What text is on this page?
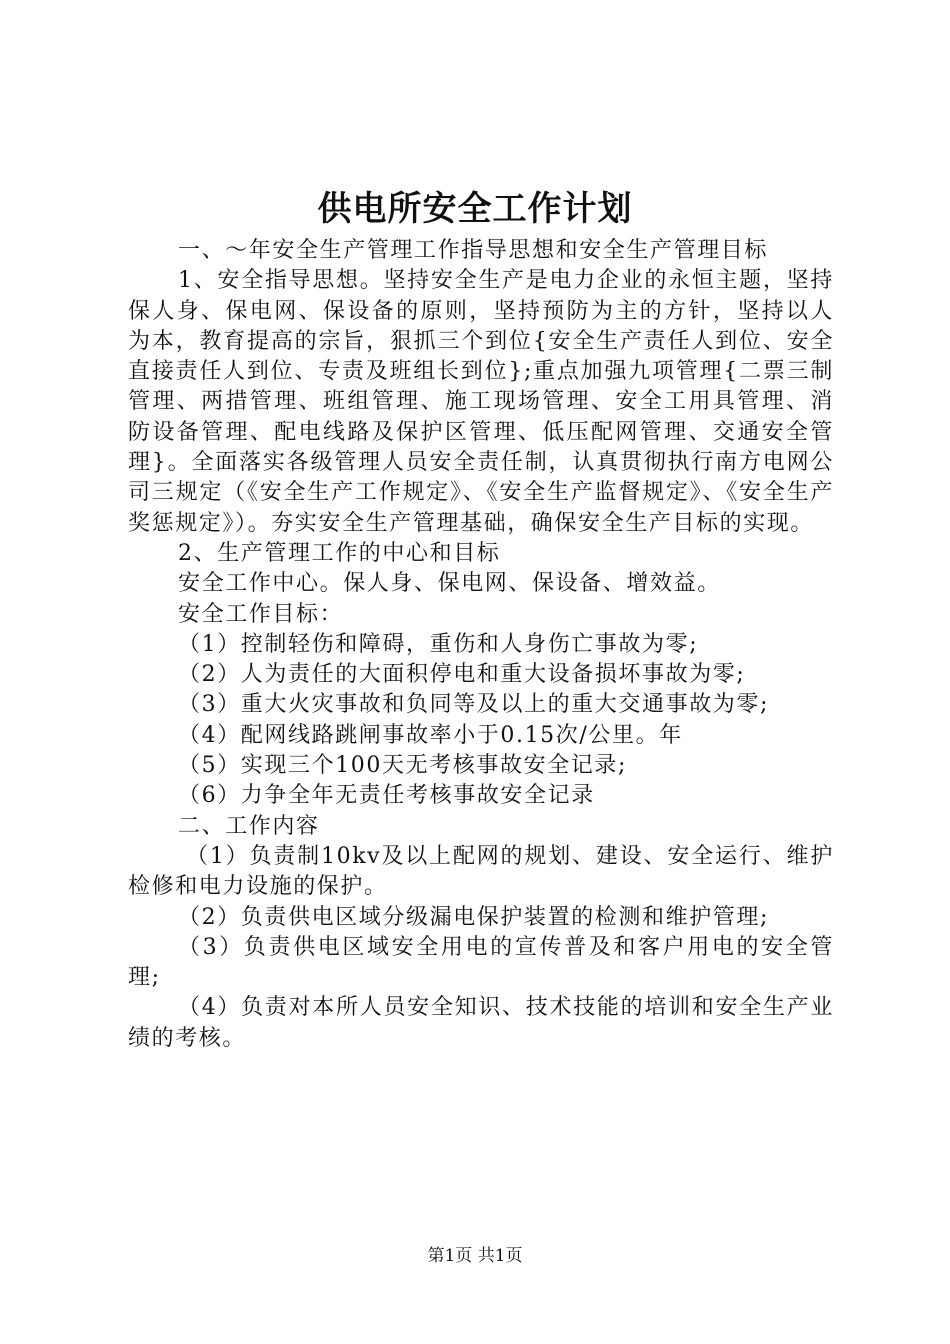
供电所安全工作计划

一、～年安全生产管理工作指导思想和安全生产管理目标

1、安全指导思想。坚持安全生产是电力企业的永恒主题，坚持保人身、保电网、保设备的原则，坚持预防为主的方针，坚持以人为本，教育提高的宗旨，狠抓三个到位{安全生产责任人到位、安全直接责任人到位、专责及班组长到位};重点加强九项管理{二票三制管理、两措管理、班组管理、施工现场管理、安全工用具管理、消防设备管理、配电线路及保护区管理、低压配网管理、交通安全管理}。全面落实各级管理人员安全责任制，认真贯彻执行南方电网公司三规定（《安全生产工作规定》、《安全生产监督规定》、《安全生产奖惩规定》）。夯实安全生产管理基础，确保安全生产目标的实现。

2、生产管理工作的中心和目标

安全工作中心。保人身、保电网、保设备、增效益。

安全工作目标：

（1）控制轻伤和障碍，重伤和人身伤亡事故为零;

（2）人为责任的大面积停电和重大设备损坏事故为零;

（3）重大火灾事故和负同等及以上的重大交通事故为零;

（4）配网线路跳闸事故率小于0.15次/公里。年

（5）实现三个100天无考核事故安全记录;

（6）力争全年无责任考核事故安全记录

二、工作内容

（1）负责制10kv及以上配网的规划、建设、安全运行、维护检修和电力设施的保护。

（2）负责供电区域分级漏电保护装置的检测和维护管理;

（3）负责供电区域安全用电的宣传普及和客户用电的安全管理;

（4）负责对本所人员安全知识、技术技能的培训和安全生产业绩的考核。

第1页 共1页
